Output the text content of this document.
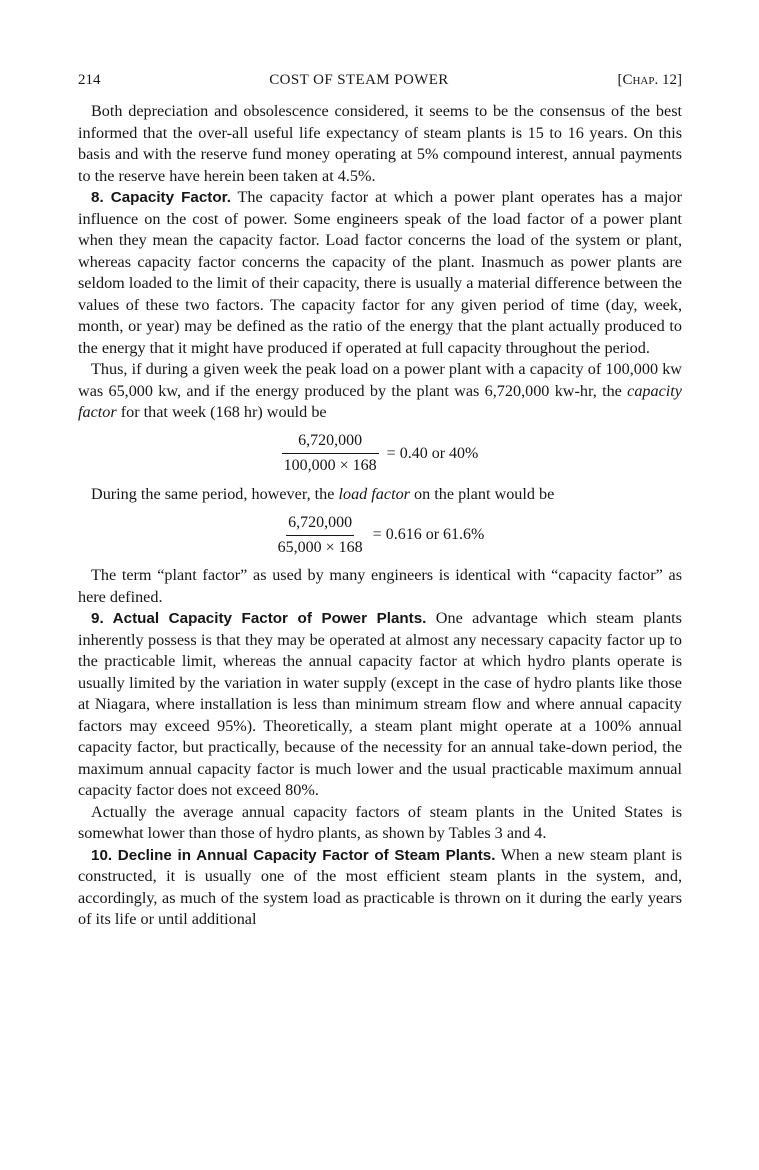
214	COST OF STEAM POWER	[Chap. 12]

Both depreciation and obsolescence considered, it seems to be the consensus of the best informed that the over-all useful life expectancy of steam plants is 15 to 16 years. On this basis and with the reserve fund money operating at 5% compound interest, annual payments to the reserve have herein been taken at 4.5%.

8. Capacity Factor. The capacity factor at which a power plant operates has a major influence on the cost of power. Some engineers speak of the load factor of a power plant when they mean the capacity factor. Load factor concerns the load of the system or plant, whereas capacity factor concerns the capacity of the plant. Inasmuch as power plants are seldom loaded to the limit of their capacity, there is usually a material difference between the values of these two factors. The capacity factor for any given period of time (day, week, month, or year) may be defined as the ratio of the energy that the plant actually produced to the energy that it might have produced if operated at full capacity throughout the period.

Thus, if during a given week the peak load on a power plant with a capacity of 100,000 kw was 65,000 kw, and if the energy produced by the plant was 6,720,000 kw-hr, the capacity factor for that week (168 hr) would be

$\frac{6,720,000}{100,000 \times 168} = 0.40$ or 40%

During the same period, however, the load factor on the plant would be

$\frac{6,720,000}{65,000 \times 168} = 0.616$ or 61.6%

The term “plant factor” as used by many engineers is identical with “capacity factor” as here defined.

9. Actual Capacity Factor of Power Plants. One advantage which steam plants inherently possess is that they may be operated at almost any necessary capacity factor up to the practicable limit, whereas the annual capacity factor at which hydro plants operate is usually limited by the variation in water supply (except in the case of hydro plants like those at Niagara, where installation is less than minimum stream flow and where annual capacity factors may exceed 95%). Theoretically, a steam plant might operate at a 100% annual capacity factor, but practically, because of the necessity for an annual take-down period, the maximum annual capacity factor is much lower and the usual practicable maximum annual capacity factor does not exceed 80%.

Actually the average annual capacity factors of steam plants in the United States is somewhat lower than those of hydro plants, as shown by Tables 3 and 4.

10. Decline in Annual Capacity Factor of Steam Plants. When a new steam plant is constructed, it is usually one of the most efficient steam plants in the system, and, accordingly, as much of the system load as practicable is thrown on it during the early years of its life or until additional
